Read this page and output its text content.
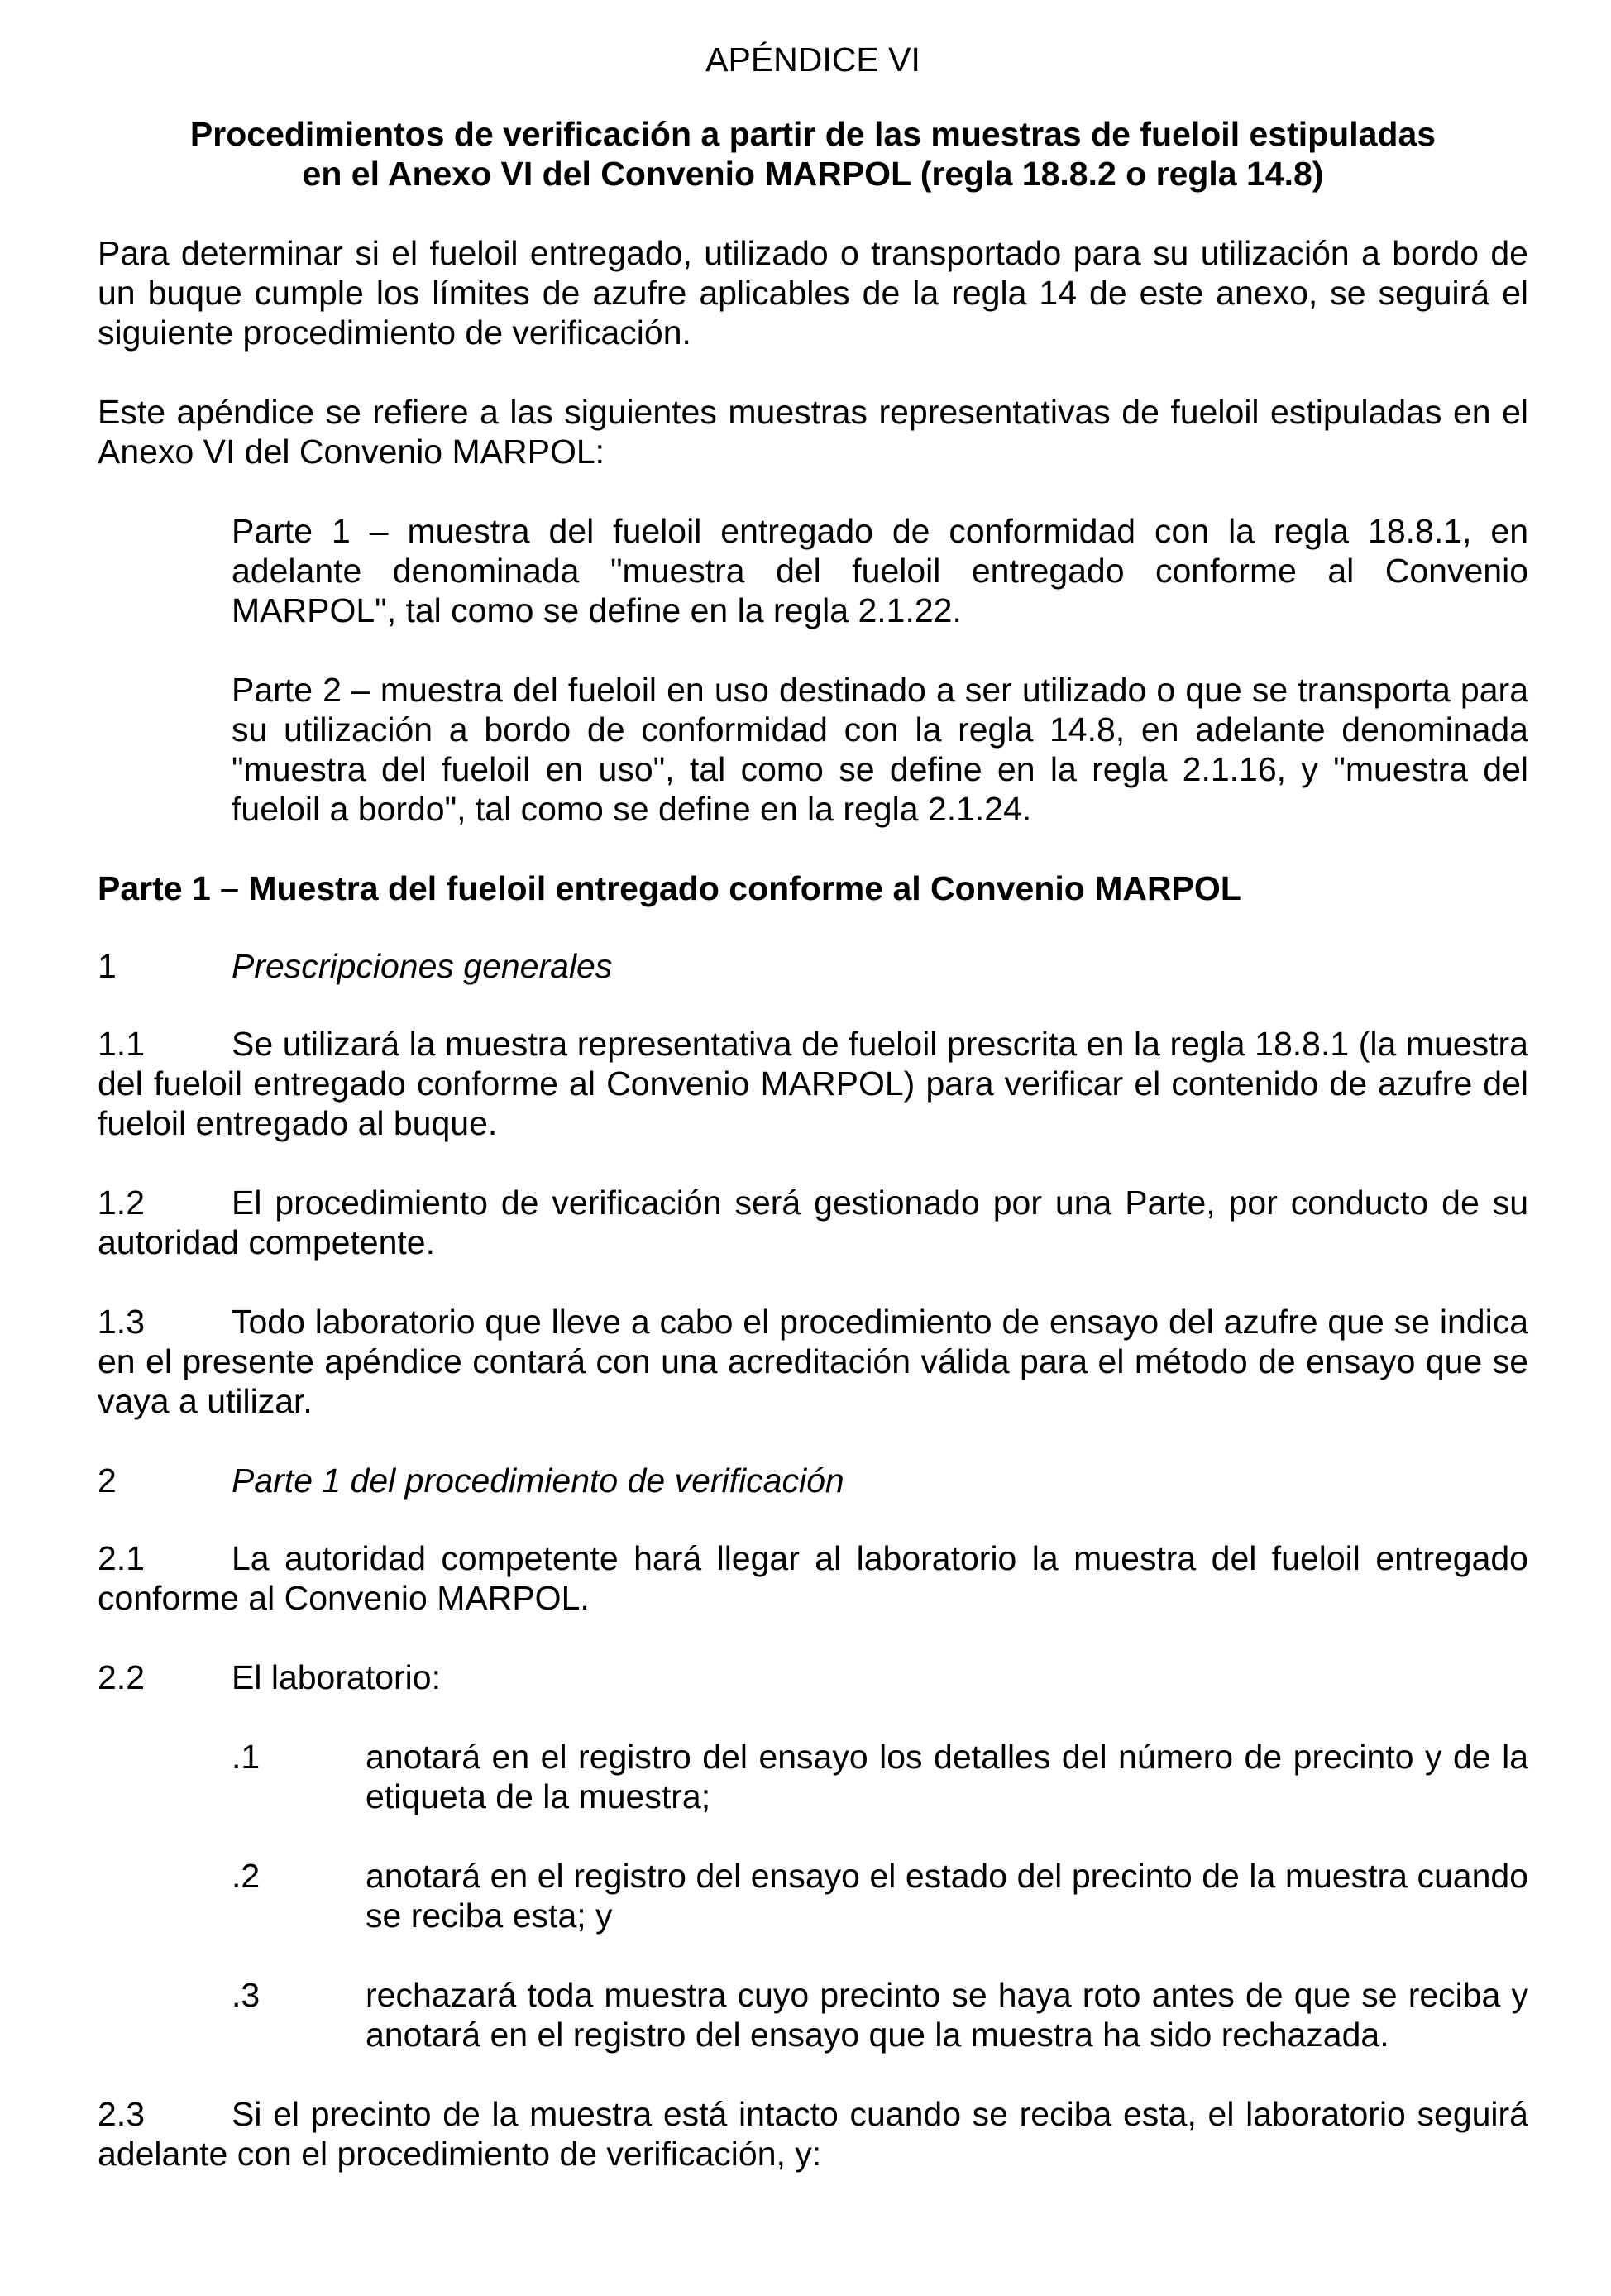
APÉNDICE VI
Procedimientos de verificación a partir de las muestras de fueloil estipuladas
en el Anexo VI del Convenio MARPOL (regla 18.8.2 o regla 14.8)
Para determinar si el fueloil entregado, utilizado o transportado para su utilización a bordo de un buque cumple los límites de azufre aplicables de la regla 14 de este anexo, se seguirá el siguiente procedimiento de verificación.
Este apéndice se refiere a las siguientes muestras representativas de fueloil estipuladas en el Anexo VI del Convenio MARPOL:
Parte 1 – muestra del fueloil entregado de conformidad con la regla 18.8.1, en adelante denominada "muestra del fueloil entregado conforme al Convenio MARPOL", tal como se define en la regla 2.1.22.
Parte 2 – muestra del fueloil en uso destinado a ser utilizado o que se transporta para su utilización a bordo de conformidad con la regla 14.8, en adelante denominada "muestra del fueloil en uso", tal como se define en la regla 2.1.16, y "muestra del fueloil a bordo", tal como se define en la regla 2.1.24.
Parte 1 – Muestra del fueloil entregado conforme al Convenio MARPOL
1	Prescripciones generales
1.1	Se utilizará la muestra representativa de fueloil prescrita en la regla 18.8.1 (la muestra del fueloil entregado conforme al Convenio MARPOL) para verificar el contenido de azufre del fueloil entregado al buque.
1.2	El procedimiento de verificación será gestionado por una Parte, por conducto de su autoridad competente.
1.3	Todo laboratorio que lleve a cabo el procedimiento de ensayo del azufre que se indica en el presente apéndice contará con una acreditación válida para el método de ensayo que se vaya a utilizar.
2	Parte 1 del procedimiento de verificación
2.1	La autoridad competente hará llegar al laboratorio la muestra del fueloil entregado conforme al Convenio MARPOL.
2.2	El laboratorio:
.1	anotará en el registro del ensayo los detalles del número de precinto y de la etiqueta de la muestra;
.2	anotará en el registro del ensayo el estado del precinto de la muestra cuando se reciba esta; y
.3	rechazará toda muestra cuyo precinto se haya roto antes de que se reciba y anotará en el registro del ensayo que la muestra ha sido rechazada.
2.3	Si el precinto de la muestra está intacto cuando se reciba esta, el laboratorio seguirá adelante con el procedimiento de verificación, y:
